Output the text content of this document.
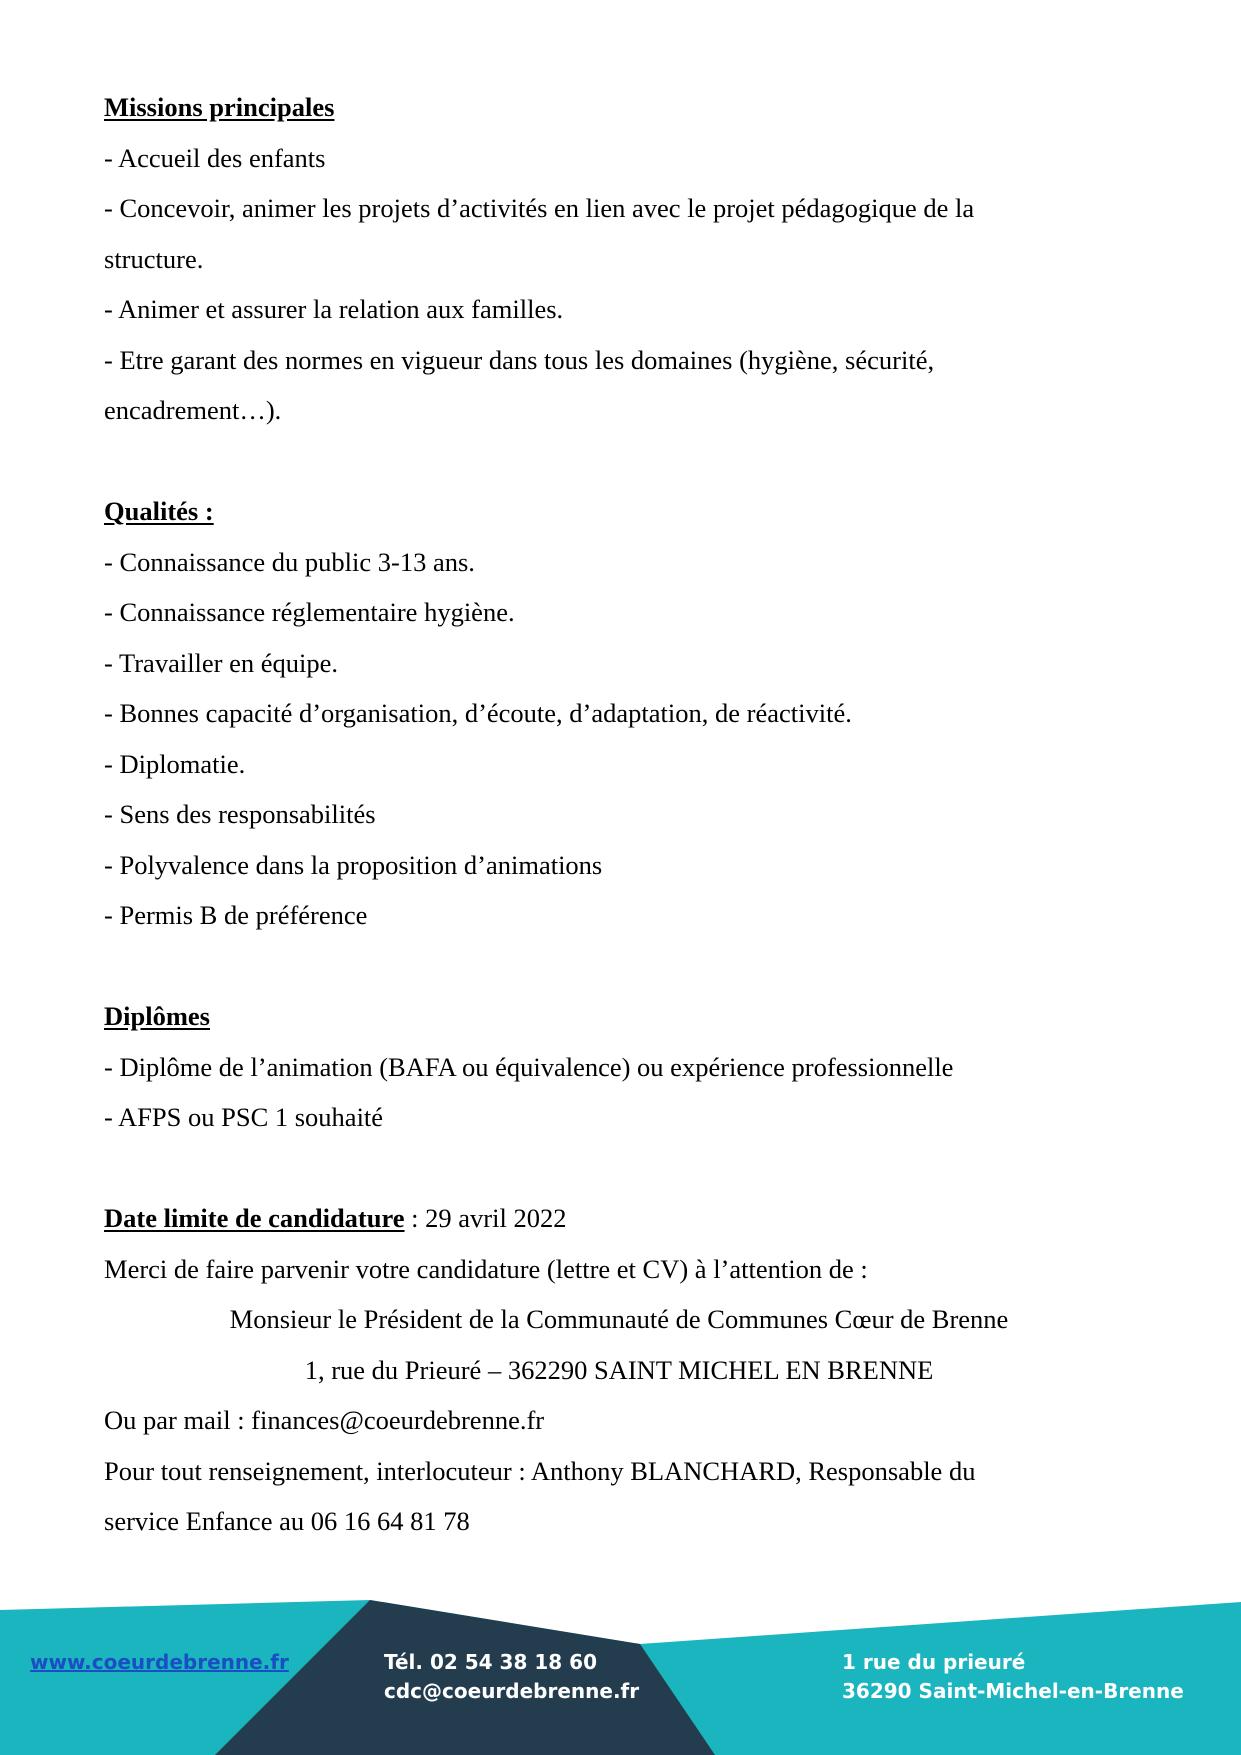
Missions principales
- Accueil des enfants
- Concevoir, animer les projets d’activités en lien avec le projet pédagogique de la
structure.
- Animer et assurer la relation aux familles.
- Etre garant des normes en vigueur dans tous les domaines (hygiène, sécurité,
encadrement…).
Qualités :
- Connaissance du public 3-13 ans.
- Connaissance réglementaire hygiène.
- Travailler en équipe.
- Bonnes capacité d’organisation, d’écoute, d’adaptation, de réactivité.
- Diplomatie.
- Sens des responsabilités
- Polyvalence dans la proposition d’animations
- Permis B de préférence
Diplômes
- Diplôme de l’animation (BAFA ou équivalence) ou expérience professionnelle
- AFPS ou PSC 1 souhaité
Date limite de candidature : 29 avril 2022
Merci de faire parvenir votre candidature (lettre et CV) à l’attention de :
Monsieur le Président de la Communauté de Communes Cœur de Brenne
1, rue du Prieuré – 362290 SAINT MICHEL EN BRENNE
Ou par mail : finances@coeurdebrenne.fr
Pour tout renseignement, interlocuteur : Anthony BLANCHARD, Responsable du
service Enfance au 06 16 64 81 78
www.coeurdebrenne.fr	Tél. 02 54 38 18 60
cdc@coeurdebrenne.fr
1 rue du prieuré
36290 Saint-Michel-en-Brenne
